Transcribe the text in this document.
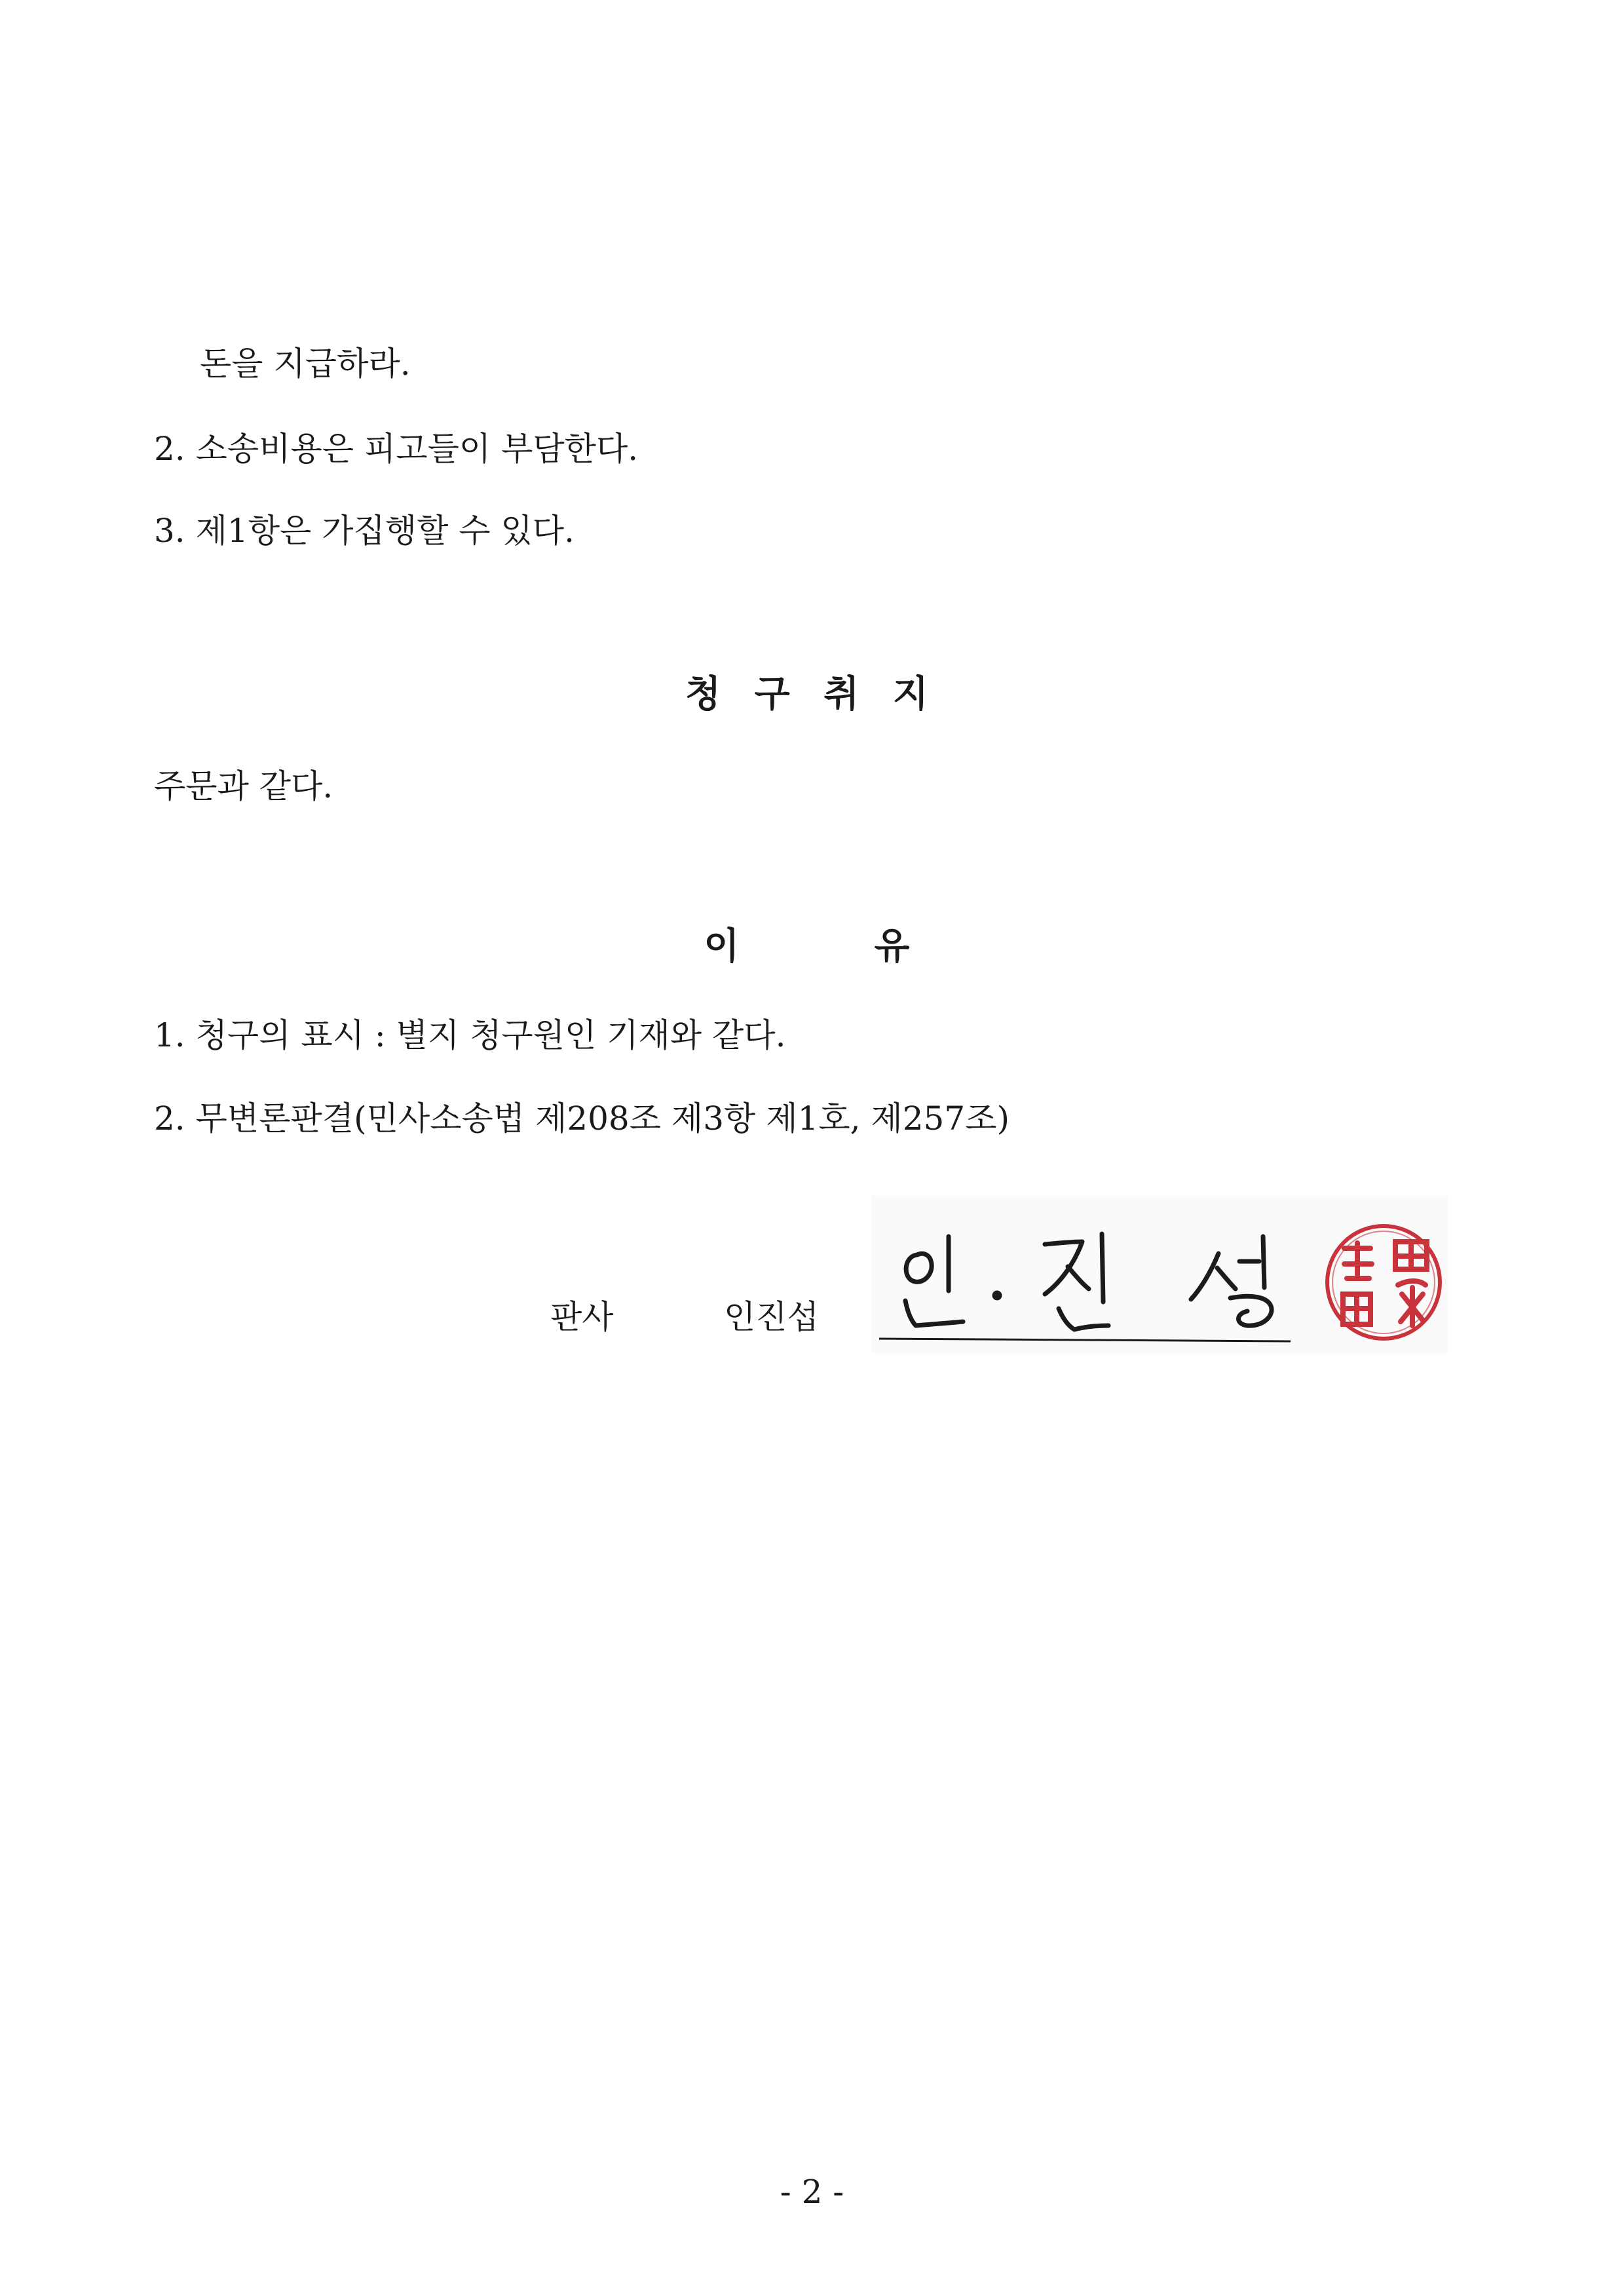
돈을 지급하라.
2. 소송비용은 피고들이 부담한다.
3. 제1항은 가집행할 수 있다.
청 구 취 지
주문과 같다.
이	유
1. 청구의 표시 : 별지 청구원인 기재와 같다.
2. 무변론판결(민사소송법 제208조 제3항 제1호, 제257조)
판사	인진섭
- 2 -
